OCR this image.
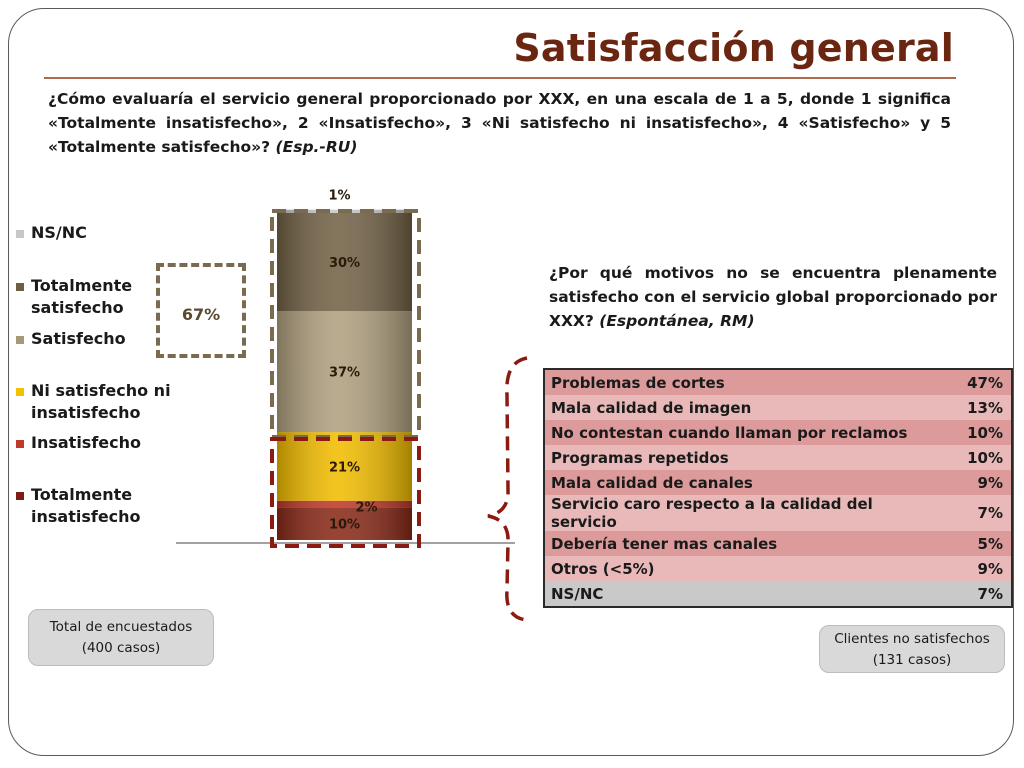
Satisfacción general
¿Cómo evaluaría el servicio general proporcionado por XXX, en una escala de 1 a 5, donde 1 significa «Totalmente insatisfecho», 2 «Insatisfecho», 3 «Ni satisfecho ni insatisfecho», 4 «Satisfecho» y 5 «Totalmente satisfecho»? (Esp.-RU)
NS/NC
Totalmente satisfecho
Satisfecho
Ni satisfecho ni insatisfecho
Insatisfecho
Totalmente insatisfecho
67%
10%
2%
21%
37%
30%
1%
¿Por qué motivos no se encuentra plenamente satisfecho con el servicio global proporcionado por XXX? (Espontánea, RM)
Problemas de cortes	47%
Mala calidad de imagen	13%
No contestan cuando llaman por reclamos	10%
Programas repetidos	10%
Mala calidad de canales	9%
Servicio caro respecto a la calidad del servicio	7%
Debería tener mas canales	5%
Otros (<5%)	9%
NS/NC	7%
Total de encuestados
(400 casos)
Clientes no satisfechos
(131 casos)
